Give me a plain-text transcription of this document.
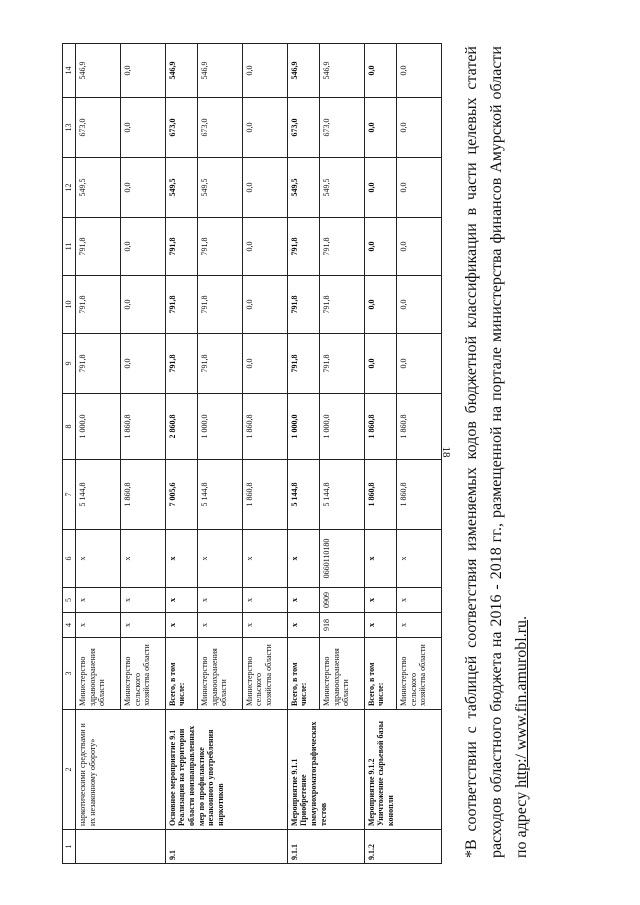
18
1	2	3	4	5	6	7	8	9	10	11	12	13	14
	наркотическими средствами и их незаконному обороту»	Министерство здравоохранения области	x	x	x	5 144,8	1 000,0	791,8	791,8	791,8	549,5	673,0	546,9
		Министерство сельского хозяйства области	x	x	x	1 860,8	1 860,8	0,0	0,0	0,0	0,0	0,0	0,0
9.1	Основное мероприятие 9.1 Реализация на территории области ноизпаправленных мер по профилактике незаконного употребления наркотиков	Всего, в том числе:	x	x	x	7 005,6	2 860,8	791,8	791,8	791,8	549,5	673,0	546,9
		Министерство здравоохранения области	x	x	x	5 144,8	1 000,0	791,8	791,8	791,8	549,5	673,0	546,9
		Министерство сельского хозяйства области	x	x	x	1 860,8	1 860,8	0,0	0,0	0,0	0,0	0,0	0,0
9.1.1	Мероприятие 9.1.1 Приобретение иммунохроматографических тестов	Всего, в том числе:	x	x	x	5 144,8	1 000,0	791,8	791,8	791,8	549,5	673,0	546,9
		Министерство здравоохранения области	918	0909	0660110180	5 144,8	1 000,0	791,8	791,8	791,8	549,5	673,0	546,9
9.1.2	Мероприятие 9.1.2 Уничтожение сырьевой базы конопли	Всего, в том числе:	x	x	x	1 860,8	1 860,8	0,0	0,0	0,0	0,0	0,0	0,0
		Министерство сельского хозяйства области	x	x	x	1 860,8	1 860,8	0,0	0,0	0,0	0,0	0,0	0,0	*В соответствии с таблицей соответствия изменяемых кодов бюджетной классификации в части целевых статей расходов областного бюджета на 2016 - 2018 гг., размещенной на портале министерства финансов Амурской области по адресу http:/ www.fin.amurobl.ru.
